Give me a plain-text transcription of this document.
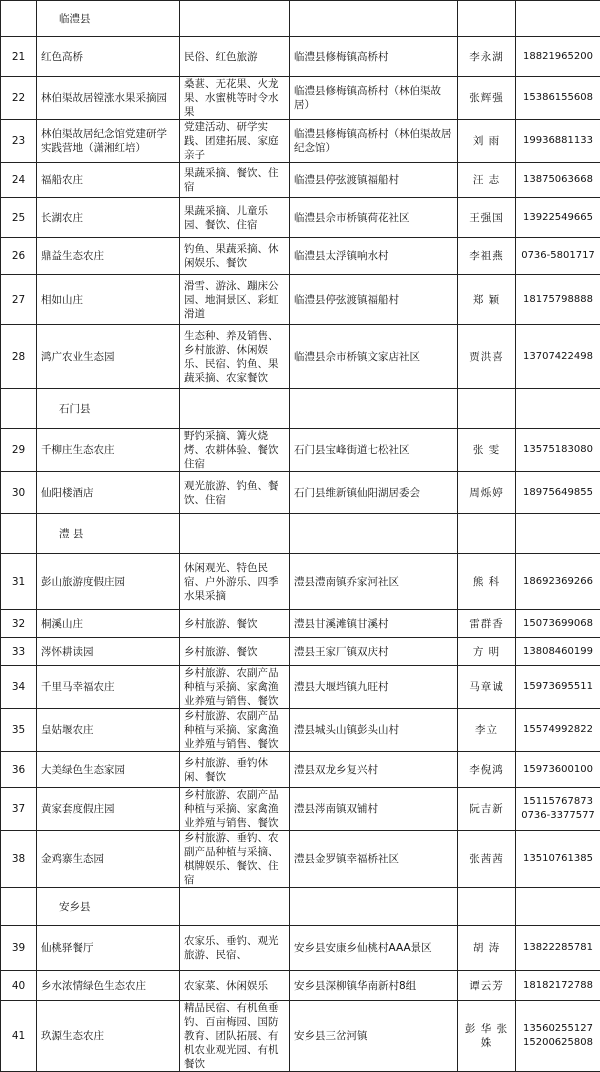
	临澧县				
21	红色高桥	民俗、红色旅游	临澧县修梅镇高桥村	李永湖	18821965200
22	林伯渠故居镗涨水果采摘园	桑葚、无花果、火龙果、水蜜桃等时令水果	临澧县修梅镇高桥村（林伯渠故居）	张辉强	15386155608
23	林伯渠故居纪念馆党建研学实践营地（潇湘红培）	党建活动、研学实践、团建拓展、家庭亲子	临澧县修梅镇高桥村（林伯渠故居纪念馆）	刘 雨	19936881133
24	福船农庄	果蔬采摘、餐饮、住宿	临澧县停弦渡镇福船村	汪 志	13875063668
25	长湖农庄	果蔬采摘、儿童乐园、餐饮、住宿	临澧县佘市桥镇荷花社区	王强国	13922549665
26	鼎益生态农庄	钓鱼、果蔬采摘、休闲娱乐、餐饮	临澧县太浮镇响水村	李祖燕	0736-5801717
27	相如山庄	滑雪、游泳、蹦床公园、地洞景区、彩虹滑道	临澧县停弦渡镇福船村	郑 颖	18175798888
28	鸿广农业生态园	生态种、养及销售、乡村旅游、休闲娱乐、民宿、钓鱼、果蔬采摘、农家餐饮	临澧县佘市桥镇文家店社区	贾洪喜	13707422498
	石门县				
29	千柳庄生态农庄	野钓采摘、篝火烧烤、农耕体验、餐饮住宿	石门县宝峰街道七松社区	张 雯	13575183080
30	仙阳楼酒店	观光旅游、钓鱼、餐饮、住宿	石门县维新镇仙阳湖居委会	周烁婷	18975649855
	澧 县				
31	彭山旅游度假庄园	休闲观光、特色民宿、户外游乐、四季水果采摘	澧县澧南镇乔家河社区	熊 科	18692369266
32	桐溪山庄	乡村旅游、餐饮	澧县甘溪滩镇甘溪村	雷群香	15073699068
33	涔怀耕读园	乡村旅游、餐饮	澧县王家厂镇双庆村	方 明	13808460199
34	千里马幸福农庄	乡村旅游、农副产品种植与采摘、家禽渔业养殖与销售、餐饮	澧县大堰垱镇九旺村	马章诚	15973695511
35	皇姑堰农庄	乡村旅游、农副产品种植与采摘、家禽渔业养殖与销售、餐饮	澧县城头山镇彭头山村	李立	15574992822
36	大美绿色生态家园	乡村旅游、垂钓休闲、餐饮	澧县双龙乡复兴村	李倪鸿	15973600100
37	黄家套度假庄园	乡村旅游、农副产品种植与采摘、家禽渔业养殖与销售、餐饮	澧县涔南镇双铺村	阮吉新	15115767873 0736-3377577
38	金鸡寨生态园	乡村旅游、垂钓、农副产品种植与采摘、棋牌娱乐、餐饮、住宿	澧县金罗镇幸福桥社区	张茜茜	13510761385
	安乡县				
39	仙桃驿餐厅	农家乐、垂钓、观光旅游、民宿、	安乡县安康乡仙桃村AAA景区	胡 涛	13822285781
40	乡水浓情绿色生态农庄	农家菜、休闲娱乐	安乡县深柳镇华南新村8组	谭云芳	18182172788
41	玖源生态农庄	精品民宿、有机鱼垂钓、百亩梅园、国防教育、团队拓展、有机农业观光园、有机餐饮	安乡县三岔河镇	彭 华 张 姝	13560255127 15200625808
